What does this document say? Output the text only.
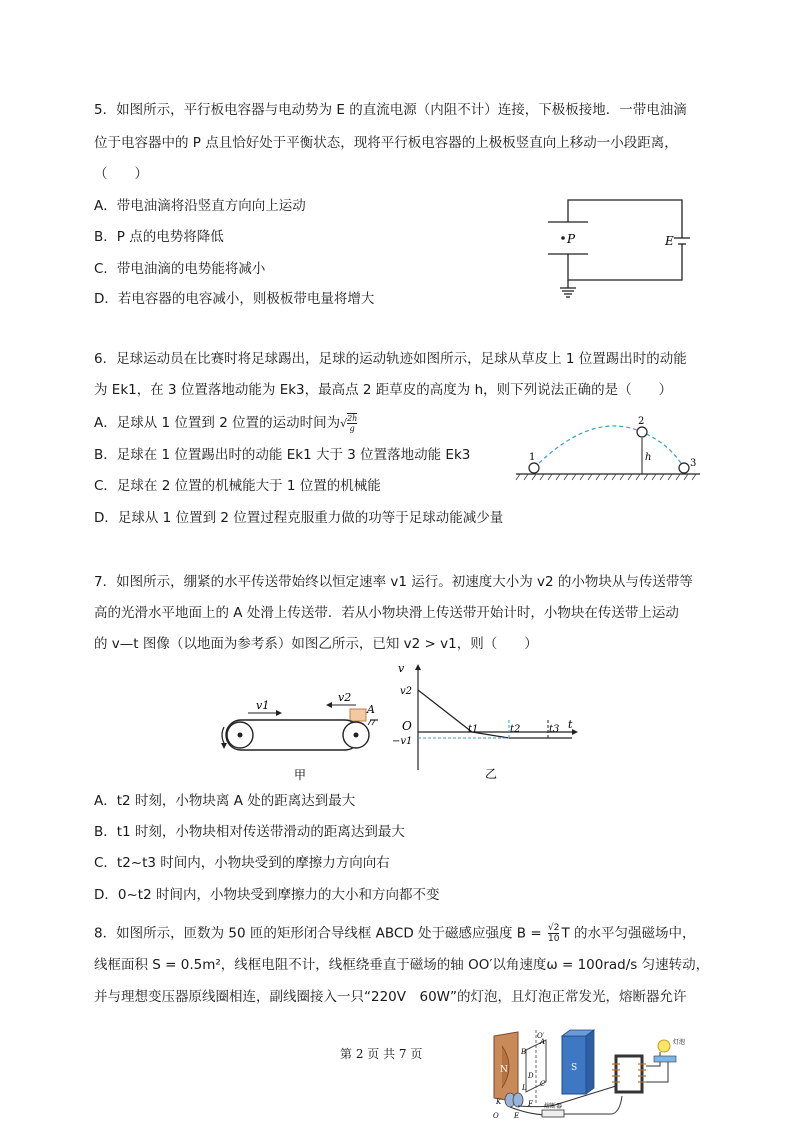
5．如图所示，平行板电容器与电动势为 E 的直流电源（内阻不计）连接，下极板接地．一带电油滴
位于电容器中的 P 点且恰好处于平衡状态，现将平行板电容器的上极板竖直向上移动一小段距离，
（　　）
A．带电油滴将沿竖直方向向上运动
B．P 点的电势将降低
C．带电油滴的电势能将减小
D．若电容器的电容减小，则极板带电量将增大
P	E
6．足球运动员在比赛时将足球踢出，足球的运动轨迹如图所示，足球从草皮上 1 位置踢出时的动能
为 Ek1，在 3 位置落地动能为 Ek3，最高点 2 距草皮的高度为 h，则下列说法正确的是（　　）
A．足球从 1 位置到 2 位置的运动时间为√ $\frac{2h}{g}$
B．足球在 1 位置踢出时的动能 Ek1 大于 3 位置落地动能 Ek3
C．足球在 2 位置的机械能大于 1 位置的机械能
D．足球从 1 位置到 2 位置过程克服重力做的功等于足球动能减少量
1
2
3
h
7．如图所示，绷紧的水平传送带始终以恒定速率 v1 运行。初速度大小为 v2 的小物块从与传送带等
高的光滑水平地面上的 A 处滑上传送带．若从小物块滑上传送带开始计时，小物块在传送带上运动
的 v—t 图像（以地面为参考系）如图乙所示，已知 v2 > v1，则（　　）
v1
v2
A
甲
v
v2
O
−v1
t1	t2	t3 t
乙
A．t2 时刻，小物块离 A 处的距离达到最大
B．t1 时刻，小物块相对传送带滑动的距离达到最大
C．t2~t3 时间内，小物块受到的摩擦力方向向右
D．0~t2 时间内，小物块受到摩擦力的大小和方向都不变
8．如图所示，匝数为 50 匝的矩形闭合导线框 ABCD 处于磁感应强度 $B = \frac{√2}{10}$ T 的水平匀强磁场中，
线框面积 S = 0.5m²，线框电阻不计，线框绕垂直于磁场的轴 OO′以角速度ω = 100rad/s 匀速转动，
并与理想变压器原线圈相连，副线圈接入一只“220V　60W”的灯泡，且灯泡正常发光，熔断器允许
第 2 页 共 7 页
N	S
O′
A
B
C
D
K
L
O E
F 熔断器
灯泡
